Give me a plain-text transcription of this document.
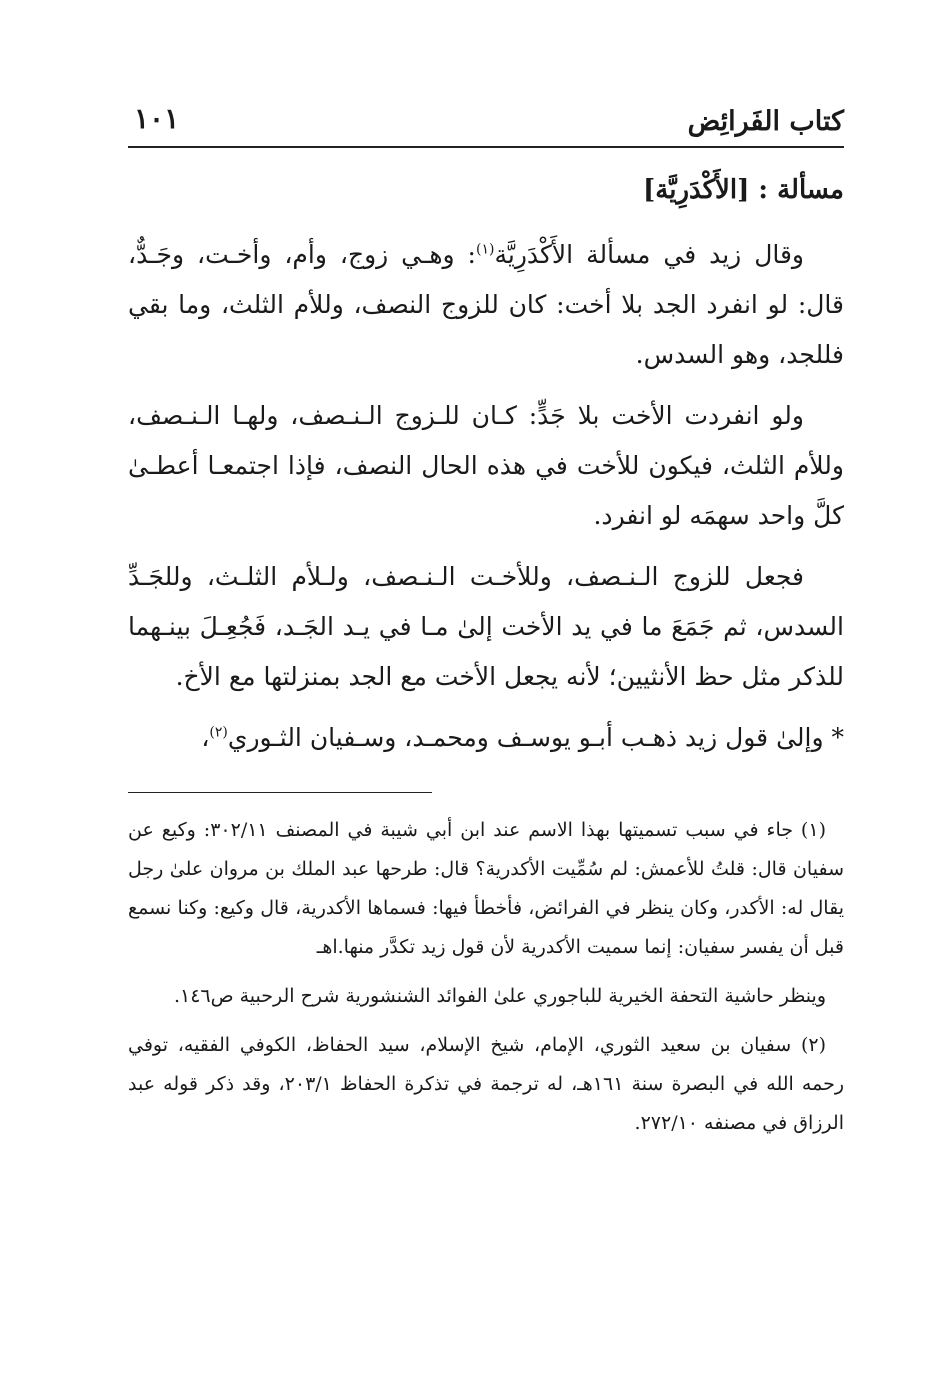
كتاب الفَرائِض
١٠١
مسألة : [الأَكْدَرِيَّة]

وقال زيد في مسألة الأَكْدَرِيَّة$^{(١)}$: وهـي زوج، وأم، وأخـت، وجَـدٌّ، قال: لو انفرد الجد بلا أخت: كان للزوج النصف، وللأم الثلث، وما بقي فللجد، وهو السدس.

ولو انفردت الأخت بلا جَدٍّ: كـان للـزوج الـنـصف، ولهـا الـنـصف، وللأم الثلث، فيكون للأخت في هذه الحال النصف، فإذا اجتمعـا أعطـىٰ كلَّ واحد سهمَه لو انفرد.

فجعل للزوج الـنـصف، وللأخـت الـنـصف، ولـلأم الثلـث، وللجَـدِّ السدس، ثم جَمَعَ ما في يد الأخت إلىٰ مـا في يـد الجَـد، فَجُعِـلَ بينـهما للذكر مثل حظ الأنثيين؛ لأنه يجعل الأخت مع الجد بمنزلتها مع الأخ.

* وإلىٰ قول زيد ذهـب أبـو يوسـف ومحمـد، وسـفيان الثـوري$^{(٢)}$،

(١) جاء في سبب تسميتها بهذا الاسم عند ابن أبي شيبة في المصنف ٣٠٢/١١: وكيع عن سفيان قال: قلتُ للأعمش: لم سُمِّيت الأكدرية؟ قال: طرحها عبد الملك بن مروان علىٰ رجل يقال له: الأكدر، وكان ينظر في الفرائض، فأخطأ فيها: فسماها الأكدرية، قال وكيع: وكنا نسمع قبل أن يفسر سفيان: إنما سميت الأكدرية لأن قول زيد تكدَّر منها.اهـ

وينظر حاشية التحفة الخيرية للباجوري علىٰ الفوائد الشنشورية شرح الرحبية ص١٤٦.

(٢) سفيان بن سعيد الثوري، الإمام، شيخ الإسلام، سيد الحفاظ، الكوفي الفقيه، توفي رحمه الله في البصرة سنة ١٦١هـ، له ترجمة في تذكرة الحفاظ ٢٠٣/١، وقد ذكر قوله عبد الرزاق في مصنفه ٢٧٢/١٠.
